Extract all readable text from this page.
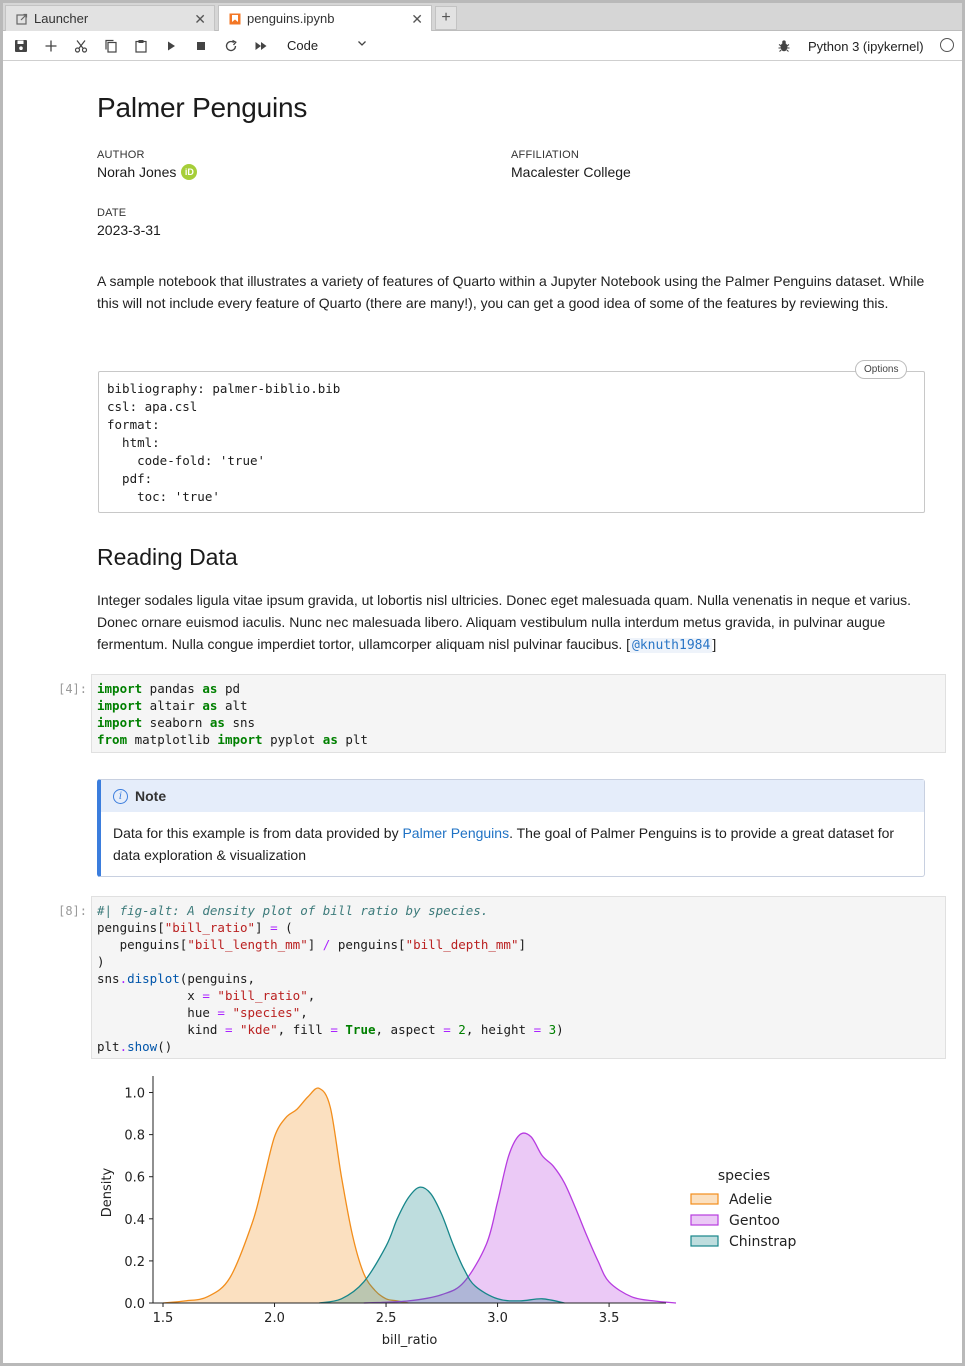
Launcher	✕	penguins.ipynb	✕	+
Code	Python 3 (ipykernel)
Palmer Penguins
AUTHOR
Norah Jones iD
AFFILIATION
Macalester College
DATE
2023-3-31

A sample notebook that illustrates a variety of features of Quarto within a Jupyter Notebook using the Palmer Penguins dataset. While this will not include every feature of Quarto (there are many!), you can get a good idea of some of the features by reviewing this.

bibliography: palmer-biblio.bib
csl: apa.csl
format:
html:
code-fold: 'true'
pdf:
toc: 'true'
Options
Reading Data

Integer sodales ligula vitae ipsum gravida, ut lobortis nisl ultricies. Donec eget malesuada quam. Nulla venenatis in neque et varius. Donec ornare euismod iaculis. Nunc nec malesuada libero. Aliquam vestibulum nulla interdum metus gravida, in pulvinar augue fermentum. Nulla congue imperdiet tortor, ullamcorper aliquam nisl pulvinar faucibus. [ @knuth1984 ]

[4]: import pandas as pd
import altair as alt
import seaborn as sns
from matplotlib import pyplot as plt
i Note
Data for this example is from data provided by Palmer Penguins. The goal of Palmer Penguins is to provide a great dataset for data exploration & visualization
[8]: #| fig-alt: A density plot of bill ratio by species.
penguins["bill_ratio"] = (
penguins["bill_length_mm"] / penguins["bill_depth_mm"]
)
sns.displot(penguins,
x = "bill_ratio",
hue = "species",
kind = "kde", fill = True, aspect = 2, height = 3)
plt.show()
1.5	2.0	2.5	3.0	3.5
0.0
0.2
0.4
0.6
0.8
1.0
bill_ratio
Density	species
Adelie
Gentoo
Chinstrap
